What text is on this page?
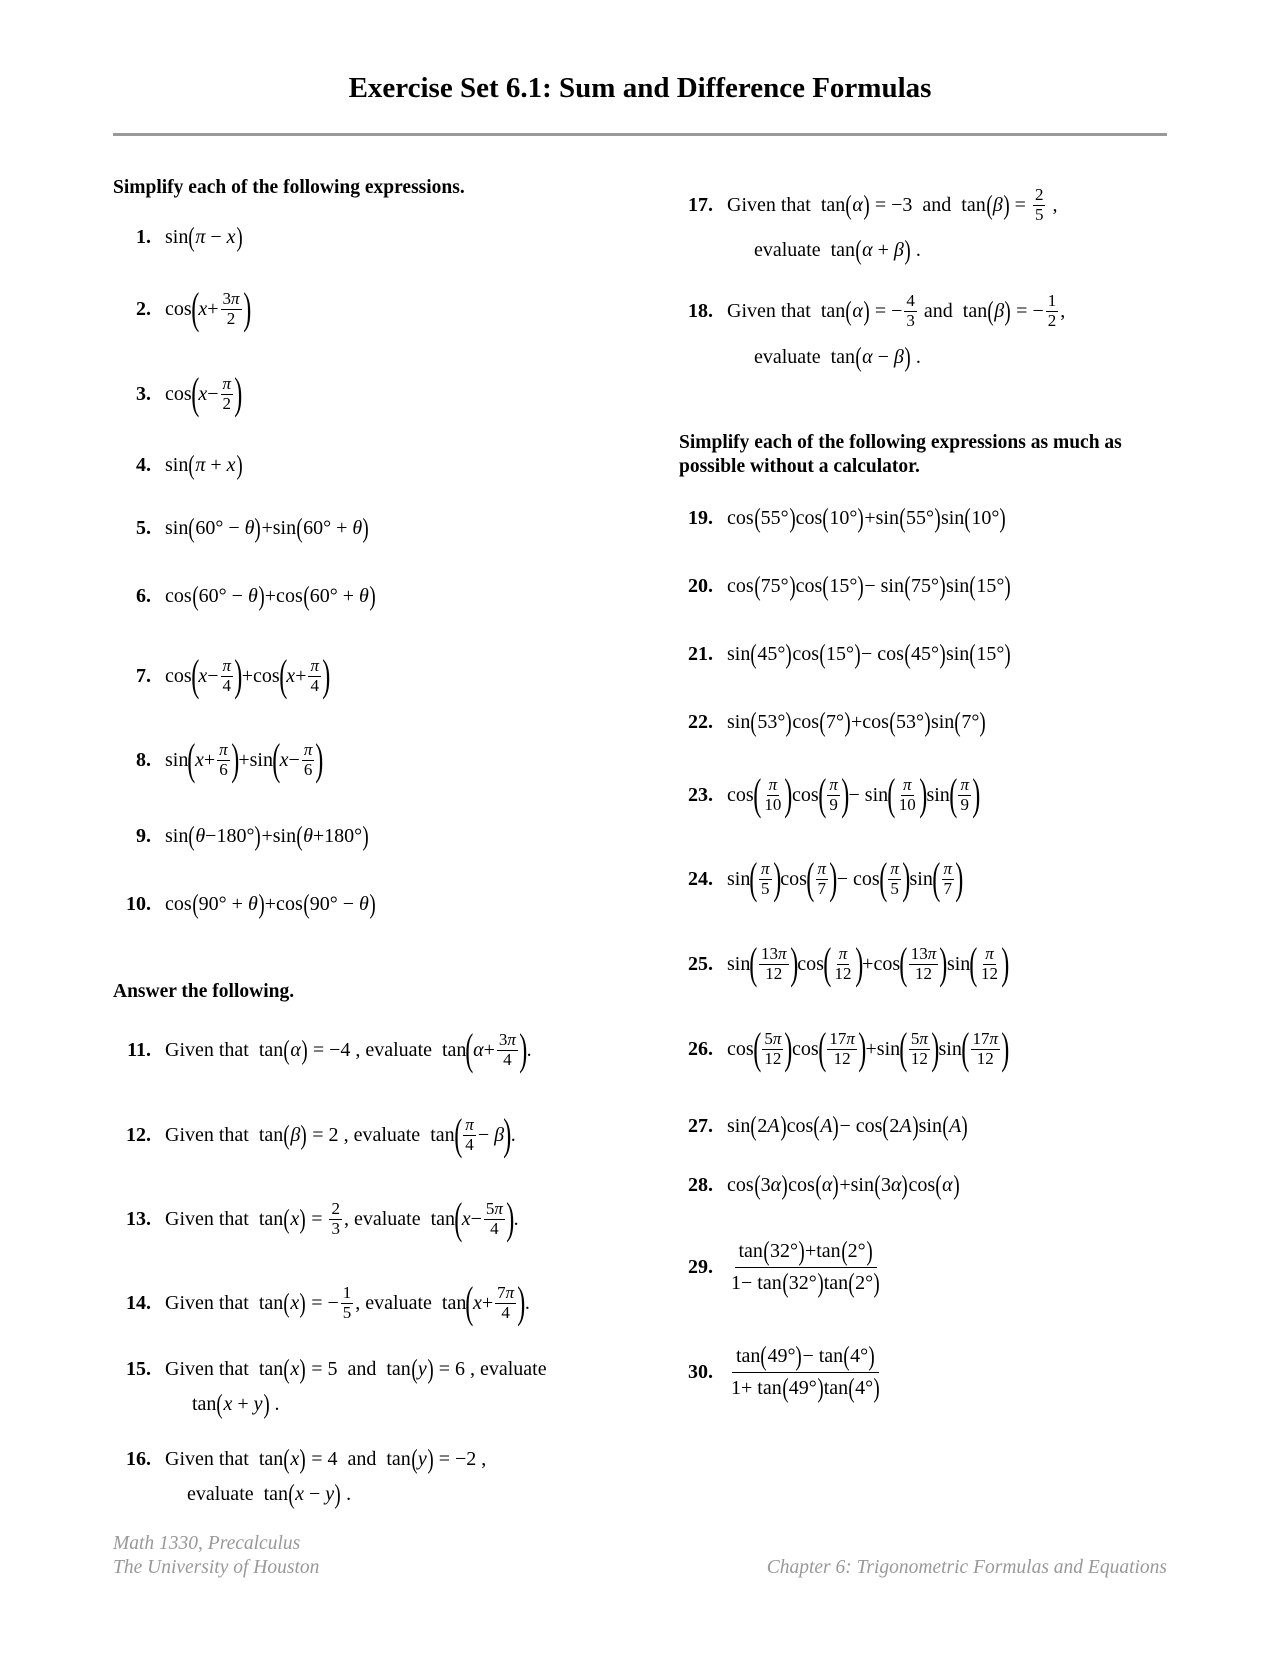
Exercise Set 6.1: Sum and Difference Formulas
Simplify each of the following expressions.
1. sin ( π − x )
2. cos ( $x + \frac{3\pi}{2}$ )
3. cos ( $x - \frac{\pi}{2}$ )
4. sin ( π + x )
5. sin ( 60° − θ ) +sin ( 60° + θ )
6. cos ( 60° − θ ) +cos ( 60° + θ )
7. cos ( $x - \frac{\pi}{4}$ ) +cos ( $x + \frac{\pi}{4}$ )
8. sin ( $x + \frac{\pi}{6}$ ) +sin ( $x - \frac{\pi}{6}$ )
9. sin ( θ −180° ) +sin ( θ +180° )
10. cos ( 90° + θ ) +cos ( 90° − θ )
Answer the following.
11. Given that tan ( α ) = −4 , evaluate tan ( $\alpha + \frac{3\pi}{4}$ ) .
12. Given that tan ( β ) = 2 , evaluate tan ( $\frac{\pi}{4} - \beta$ ) .
13. Given that tan ( x ) = $\frac{2}{3}$ , evaluate tan ( $x - \frac{5\pi}{4}$ ) .
14. Given that tan ( x ) = − $\frac{1}{5}$ , evaluate tan ( $x + \frac{7\pi}{4}$ ) .
15. Given that tan ( x ) = 5 and tan ( y ) = 6 , evaluate
tan ( x + y ) .
16. Given that tan ( x ) = 4 and tan ( y ) = −2 ,
evaluate tan ( x − y ) .
17. Given that tan ( α ) = −3 and tan ( β ) = $\frac{2}{5}$ ,
evaluate tan ( α + β ) .
18. Given that tan ( α ) = − $\frac{4}{3}$
and tan ( β ) = − $\frac{1}{2}$ ,
evaluate tan ( α − β ) .
Simplify each of the following expressions as much as
possible without a calculator.
19. cos ( 55° ) cos ( 10° ) +sin ( 55° ) sin ( 10° )
20. cos ( 75° ) cos ( 15° ) − sin ( 75° ) sin ( 15° )
21. sin ( 45° ) cos ( 15° ) − cos ( 45° ) sin ( 15° )
22. sin ( 53° ) cos ( 7° ) +cos ( 53° ) sin ( 7° )
23. cos ( $\frac{\pi}{10}$ ) cos ( $\frac{\pi}{9}$ ) − sin ( $\frac{\pi}{10}$ ) sin ( $\frac{\pi}{9}$ )
24. sin ( $\frac{\pi}{5}$ ) cos ( $\frac{\pi}{7}$ ) − cos ( $\frac{\pi}{5}$ ) sin ( $\frac{\pi}{7}$ )
25. sin ( $\frac{13\pi}{12}$ ) cos ( $\frac{\pi}{12}$ ) +cos ( $\frac{13\pi}{12}$ ) sin ( $\frac{\pi}{12}$ )
26. cos ( $\frac{5\pi}{12}$ ) cos ( $\frac{17\pi}{12}$ ) +sin ( $\frac{5\pi}{12}$ ) sin ( $\frac{17\pi}{12}$ )
27. sin ( 2 A ) cos ( A ) − cos ( 2 A ) sin ( A )
28. cos ( 3 α ) cos ( α ) +sin ( 3 α ) cos ( α )
29.
tan ( 32° ) +tan ( 2° )
1− tan ( 32° ) tan ( 2° )
30.
tan ( 49° ) − tan ( 4° )
1+ tan ( 49° ) tan ( 4° )
Math 1330, Precalculus
The University of Houston	Chapter 6: Trigonometric Formulas and Equations
